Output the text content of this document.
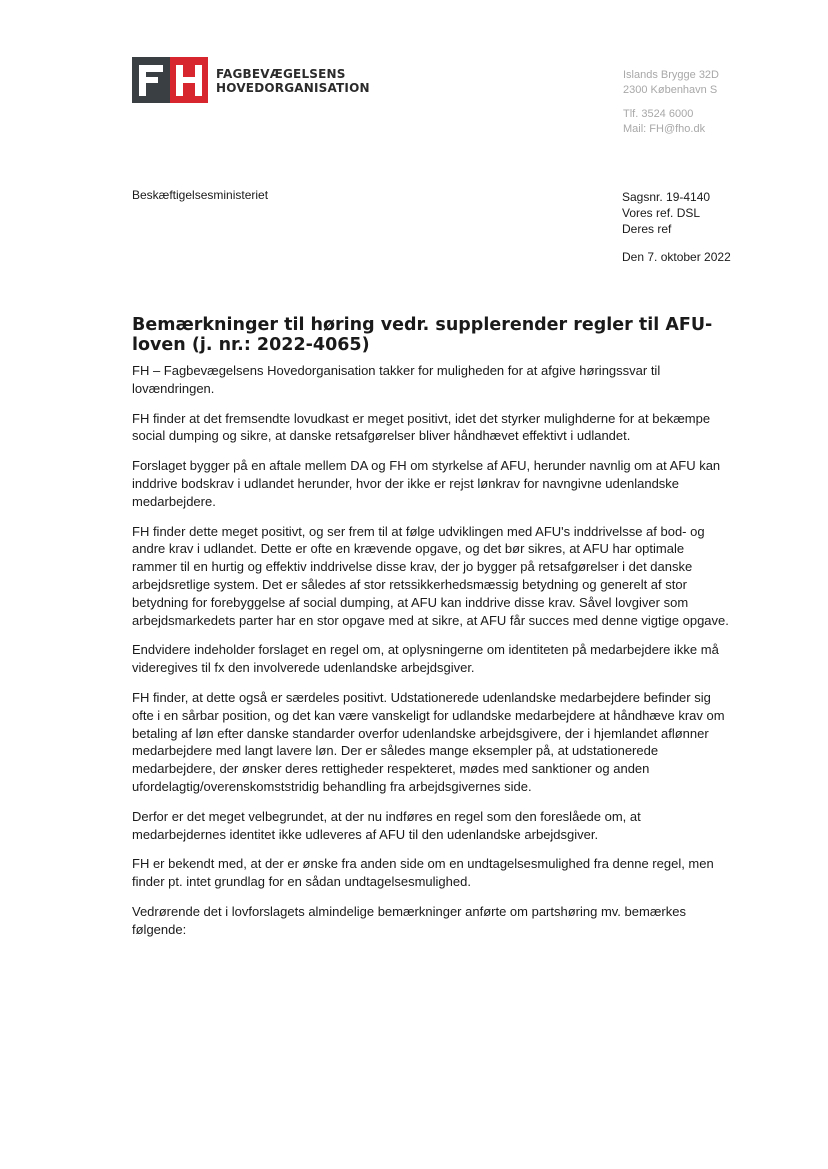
FAGBEVÆGELSENS
HOVEDORGANISATION
Islands Brygge 32D
2300 København S
Tlf. 3524 6000
Mail: FH@fho.dk
Beskæftigelsesministeriet	Sagsnr. 19-4140
Vores ref. DSL
Deres ref
Den 7. oktober 2022
Bemærkninger til høring vedr. supplerender regler til AFU-loven (j. nr.: 2022-4065)

FH – Fagbevægelsens Hovedorganisation takker for muligheden for at afgive høringssvar til lovændringen.

FH finder at det fremsendte lovudkast er meget positivt, idet det styrker mulighderne for at bekæmpe social dumping og sikre, at danske retsafgørelser bliver håndhævet effektivt i udlandet.

Forslaget bygger på en aftale mellem DA og FH om styrkelse af AFU, herunder navnlig om at AFU kan inddrive bodskrav i udlandet herunder, hvor der ikke er rejst lønkrav for navngivne udenlandske medarbejdere.

FH finder dette meget positivt, og ser frem til at følge udviklingen med AFU's inddrivelsse af bod- og andre krav i udlandet. Dette er ofte en krævende opgave, og det bør sikres, at AFU har optimale rammer til en hurtig og effektiv inddrivelse disse krav, der jo bygger på retsafgørelser i det danske arbejdsretlige system. Det er således af stor retssikkerhedsmæssig betydning og generelt af stor betydning for forebyggelse af social dumping, at AFU kan inddrive disse krav. Såvel lovgiver som arbejdsmarkedets parter har en stor opgave med at sikre, at AFU får succes med denne vigtige opgave.

Endvidere indeholder forslaget en regel om, at oplysningerne om identiteten på medarbejdere ikke må videregives til fx den involverede udenlandske arbejdsgiver.

FH finder, at dette også er særdeles positivt. Udstationerede udenlandske medarbejdere befinder sig ofte i en sårbar position, og det kan være vanskeligt for udlandske medarbejdere at håndhæve krav om betaling af løn efter danske standarder overfor udenlandske arbejdsgivere, der i hjemlandet aflønner medarbejdere med langt lavere løn. Der er således mange eksempler på, at udstationerede medarbejdere, der ønsker deres rettigheder respekteret, mødes med sanktioner og anden ufordelagtig/overenskomststridig behandling fra arbejdsgivernes side.

Derfor er det meget velbegrundet, at der nu indføres en regel som den foreslåede om, at medarbejdernes identitet ikke udleveres af AFU til den udenlandske arbejdsgiver.

FH er bekendt med, at der er ønske fra anden side om en undtagelsesmulighed fra denne regel, men finder pt. intet grundlag for en sådan undtagelsesmulighed.

Vedrørende det i lovforslagets almindelige bemærkninger anførte om partshøring mv. bemærkes følgende:
